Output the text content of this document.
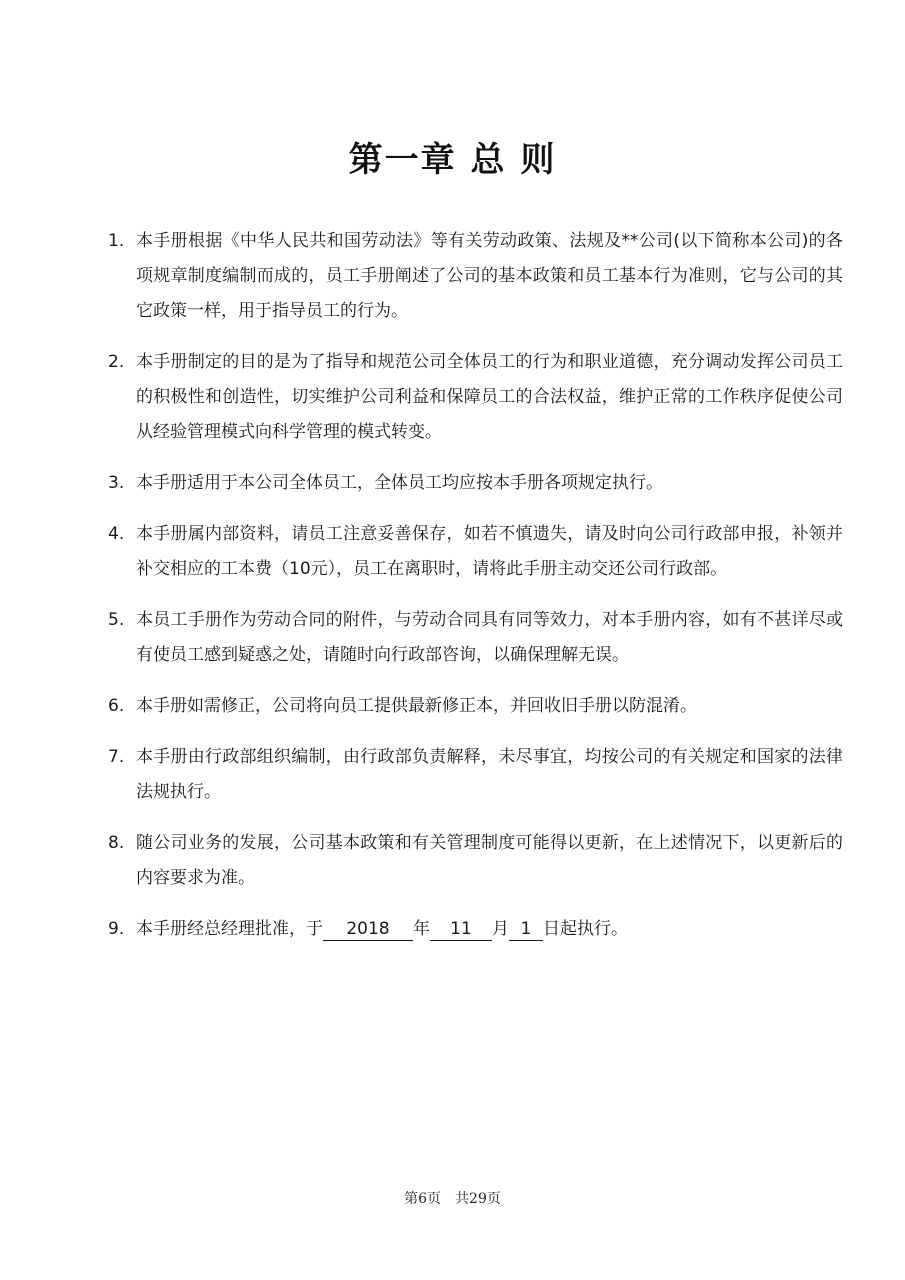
第一章 总 则
1. 本手册根据《中华人民共和国劳动法》等有关劳动政策、法规及**公司(以下简称本公司)的各项规章制度编制而成的，员工手册阐述了公司的基本政策和员工基本行为准则，它与公司的其它政策一样，用于指导员工的行为。
2. 本手册制定的目的是为了指导和规范公司全体员工的行为和职业道德，充分调动发挥公司员工的积极性和创造性，切实维护公司利益和保障员工的合法权益，维护正常的工作秩序促使公司从经验管理模式向科学管理的模式转变。
3. 本手册适用于本公司全体员工，全体员工均应按本手册各项规定执行。
4. 本手册属内部资料，请员工注意妥善保存，如若不慎遗失，请及时向公司行政部申报，补领并补交相应的工本费（10元），员工在离职时，请将此手册主动交还公司行政部。
5. 本员工手册作为劳动合同的附件，与劳动合同具有同等效力，对本手册内容，如有不甚详尽或有使员工感到疑惑之处，请随时向行政部咨询，以确保理解无误。
6. 本手册如需修正，公司将向员工提供最新修正本，并回收旧手册以防混淆。
7. 本手册由行政部组织编制，由行政部负责解释，未尽事宜，均按公司的有关规定和国家的法律法规执行。
8. 随公司业务的发展，公司基本政策和有关管理制度可能得以更新，在上述情况下，以更新后的内容要求为准。
9. 本手册经总经理批准，于 2018 年 11 月 1 日起执行。
第6页 共29页
